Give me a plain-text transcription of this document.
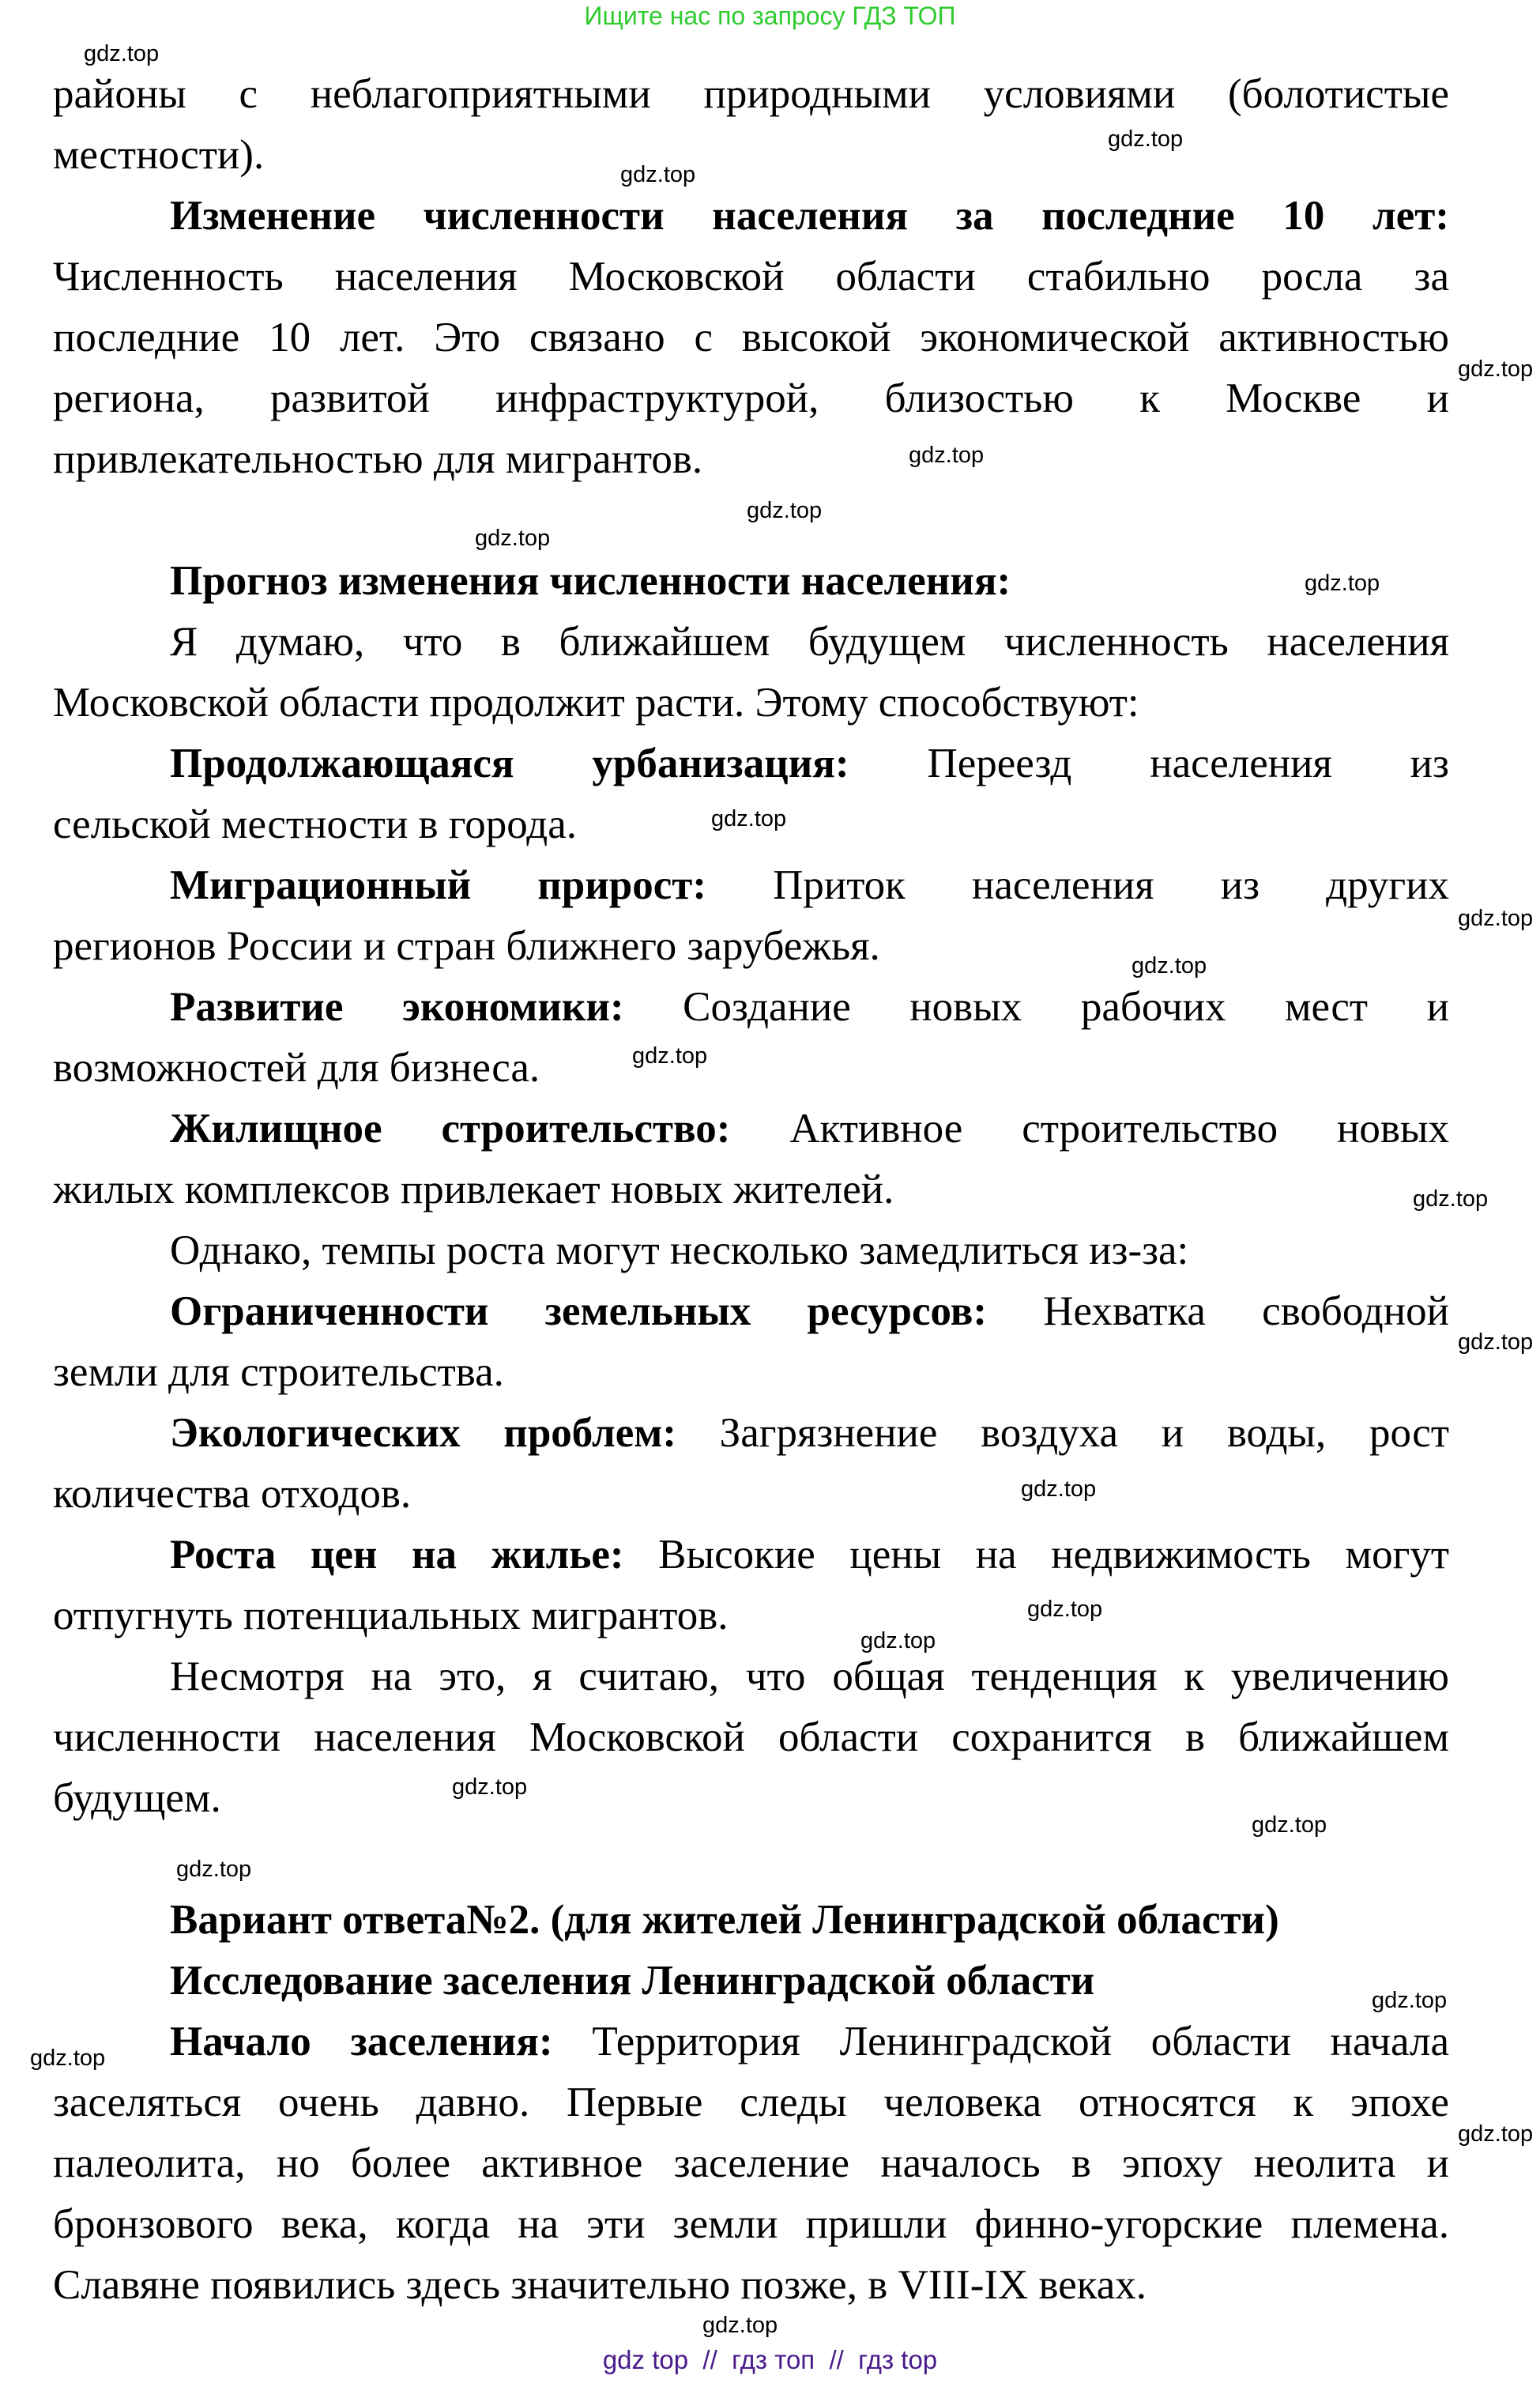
Ищите нас по запросу ГДЗ ТОП
районы с неблагоприятными природными условиями (болотистые
местности).
Изменение численности населения за последние 10 лет:
Численность населения Московской области стабильно росла за
последние 10 лет. Это связано с высокой экономической активностью
региона, развитой инфраструктурой, близостью к Москве и
привлекательностью для мигрантов.
Прогноз изменения численности населения:
Я думаю, что в ближайшем будущем численность населения
Московской области продолжит расти. Этому способствуют:
Продолжающаяся урбанизация: Переезд населения из
сельской местности в города.
Миграционный прирост: Приток населения из других
регионов России и стран ближнего зарубежья.
Развитие экономики: Создание новых рабочих мест и
возможностей для бизнеса.
Жилищное строительство: Активное строительство новых
жилых комплексов привлекает новых жителей.
Однако, темпы роста могут несколько замедлиться из-за:
Ограниченности земельных ресурсов: Нехватка свободной
земли для строительства.
Экологических проблем: Загрязнение воздуха и воды, рост
количества отходов.
Роста цен на жилье: Высокие цены на недвижимость могут
отпугнуть потенциальных мигрантов.
Несмотря на это, я считаю, что общая тенденция к увеличению
численности населения Московской области сохранится в ближайшем
будущем.
Вариант ответа№2. (для жителей Ленинградской области)
Исследование заселения Ленинградской области
Начало заселения: Территория Ленинградской области начала
заселяться очень давно. Первые следы человека относятся к эпохе
палеолита, но более активное заселение началось в эпоху неолита и
бронзового века, когда на эти земли пришли финно-угорские племена.
Славяне появились здесь значительно позже, в VIII-IX веках.
gdz.top
gdz.top
gdz.top
gdz.top
gdz.top
gdz.top
gdz.top
gdz.top
gdz.top
gdz.top
gdz.top
gdz.top
gdz.top
gdz.top
gdz.top
gdz.top
gdz.top
gdz.top
gdz.top
gdz.top
gdz.top
gdz.top
gdz.top
gdz.top
gdz top  //  гдз топ  //  гдз top
